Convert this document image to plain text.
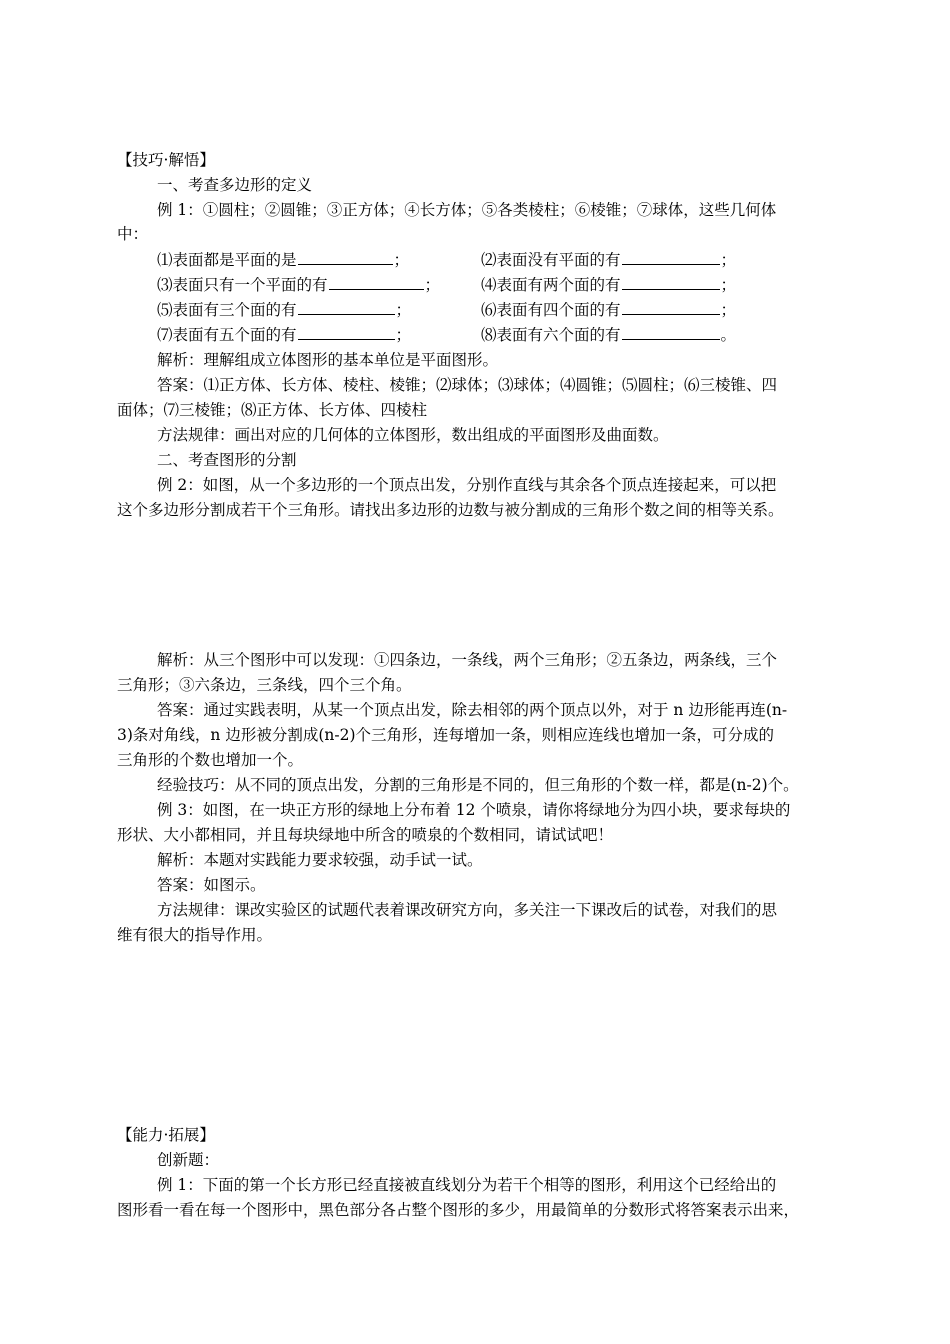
【技巧·解悟】
一、考查多边形的定义
例 1：①圆柱；②圆锥；③正方体；④长方体；⑤各类棱柱；⑥棱锥；⑦球体，这些几何体
中：
⑴表面都是平面的是	；	⑵表面没有平面的有	；
⑶表面只有一个平面的有	；	⑷表面有两个面的有	；
⑸表面有三个面的有	；	⑹表面有四个面的有	；
⑺表面有五个面的有	；	⑻表面有六个面的有	。
解析：理解组成立体图形的基本单位是平面图形。
答案：⑴正方体、长方体、棱柱、棱锥；⑵球体；⑶球体；⑷圆锥；⑸圆柱；⑹三棱锥、四
面体；⑺三棱锥；⑻正方体、长方体、四棱柱
方法规律：画出对应的几何体的立体图形，数出组成的平面图形及曲面数。
二、考查图形的分割
例 2：如图，从一个多边形的一个顶点出发，分别作直线与其余各个顶点连接起来，可以把
这个多边形分割成若干个三角形。请找出多边形的边数与被分割成的三角形个数之间的相等关系。
解析：从三个图形中可以发现：①四条边，一条线，两个三角形；②五条边，两条线，三个
三角形；③六条边，三条线，四个三个角。
答案：通过实践表明，从某一个顶点出发，除去相邻的两个顶点以外，对于 n 边形能再连(n-
3)条对角线，n 边形被分割成(n-2)个三角形，连每增加一条，则相应连线也增加一条，可分成的
三角形的个数也增加一个。
经验技巧：从不同的顶点出发，分割的三角形是不同的，但三角形的个数一样，都是(n-2)个。
例 3：如图，在一块正方形的绿地上分布着 12 个喷泉，请你将绿地分为四小块，要求每块的
形状、大小都相同，并且每块绿地中所含的喷泉的个数相同，请试试吧！
解析：本题对实践能力要求较强，动手试一试。
答案：如图示。
方法规律：课改实验区的试题代表着课改研究方向，多关注一下课改后的试卷，对我们的思
维有很大的指导作用。
【能力·拓展】
创新题：
例 1：下面的第一个长方形已经直接被直线划分为若干个相等的图形，利用这个已经给出的
图形看一看在每一个图形中，黑色部分各占整个图形的多少，用最简单的分数形式将答案表示出来，
